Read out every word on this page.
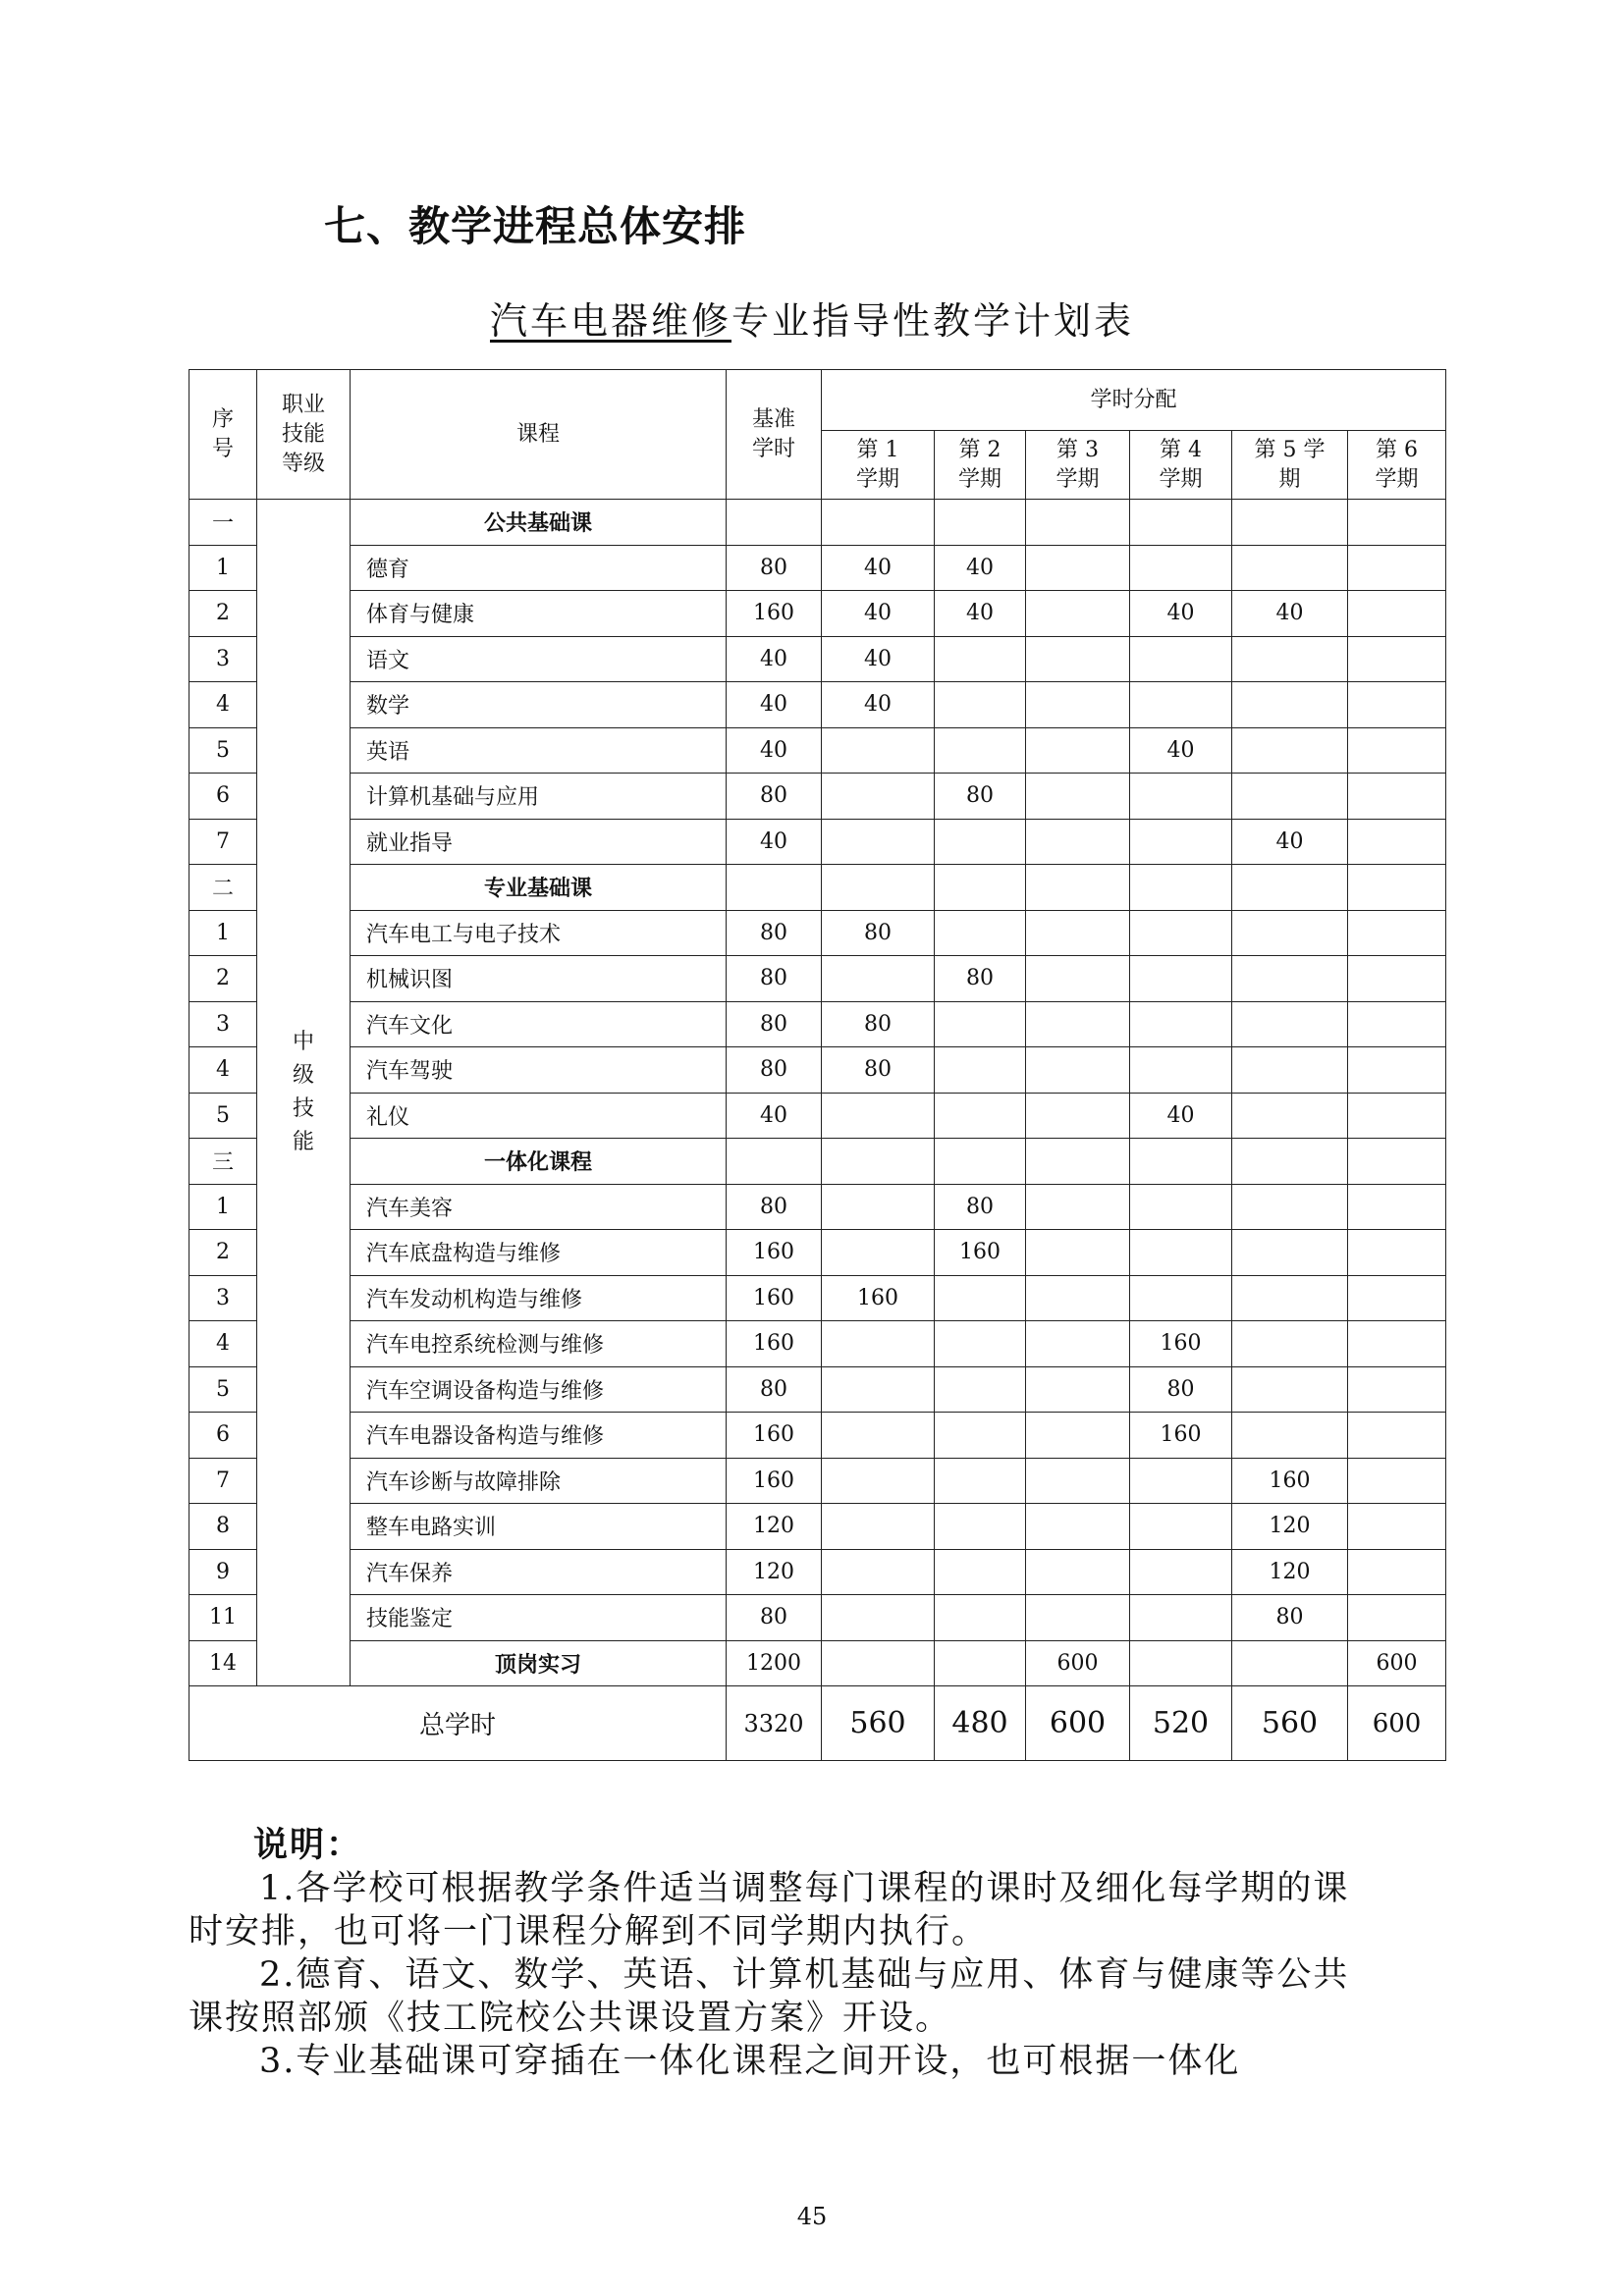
七、教学进程总体安排
汽车电器维修专业指导性教学计划表
序号	职业技能等级	课程	基准学时	学时分配					
				第 1 学期	第 2 学期	第 3 学期	第 4 学期	第 5 学期	第 6 学期
一	中级技能	公共基础课							
1		德育	80	40	40				
2		体育与健康	160	40	40		40	40	
3		语文	40	40					
4		数学	40	40					
5		英语	40				40		
6		计算机基础与应用	80		80				
7		就业指导	40					40	
二		专业基础课							
1		汽车电工与电子技术	80	80					
2		机械识图	80		80				
3		汽车文化	80	80					
4		汽车驾驶	80	80					
5		礼仪	40				40		
三		一体化课程							
1		汽车美容	80		80				
2		汽车底盘构造与维修	160		160				
3		汽车发动机构造与维修	160	160					
4		汽车电控系统检测与维修	160				160		
5		汽车空调设备构造与维修	80				80		
6		汽车电器设备构造与维修	160				160		
7		汽车诊断与故障排除	160					160	
8		整车电路实训	120					120	
9		汽车保养	120					120	
11		技能鉴定	80					80	
14		顶岗实习	1200			600			600
总学时			3320	560	480	600	520	560	600

说明：

1.各学校可根据教学条件适当调整每门课程的课时及细化每学期的课时安排，也可将一门课程分解到不同学期内执行。

2.德育、语文、数学、英语、计算机基础与应用、体育与健康等公共课按照部颁《技工院校公共课设置方案》开设。

3.专业基础课可穿插在一体化课程之间开设，也可根据一体化

45
